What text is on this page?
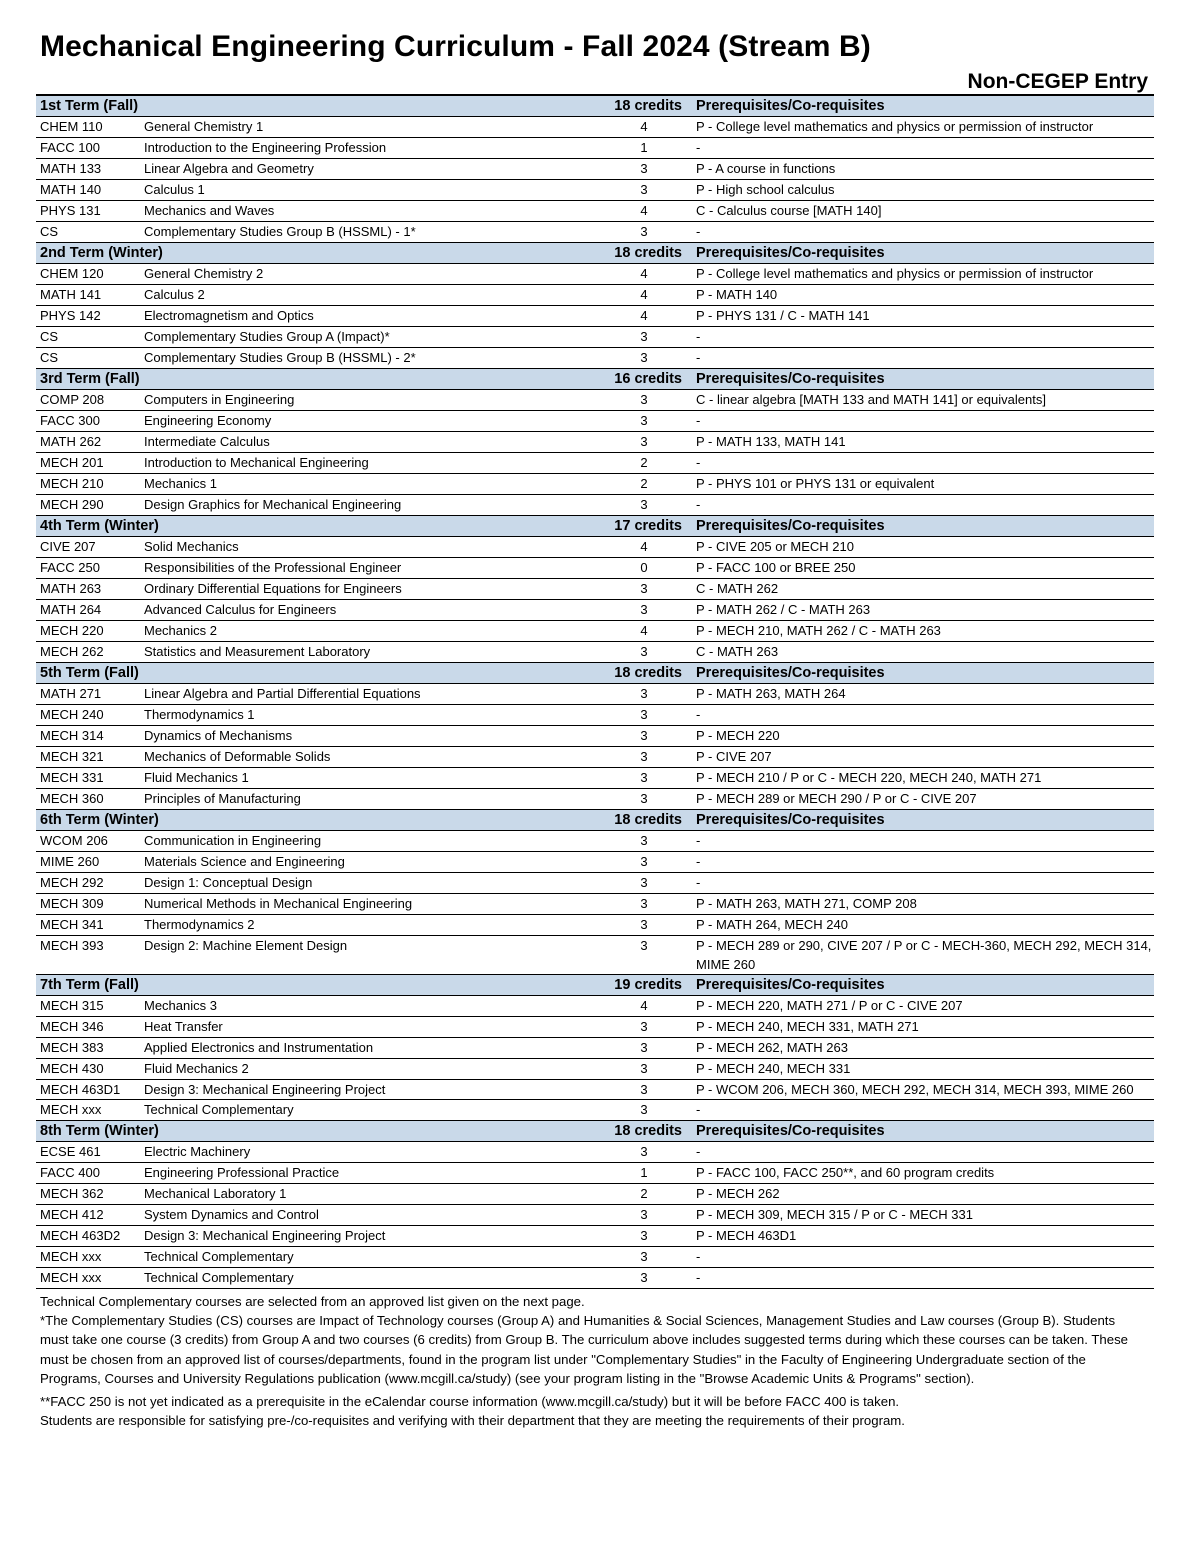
Mechanical Engineering Curriculum - Fall 2024 (Stream B)
Non-CEGEP Entry
1st Term (Fall)	18 credits Prerequisites/Co-requisites
CHEM 110	General Chemistry 1	4	P - College level mathematics and physics or permission of instructor
FACC 100	Introduction to the Engineering Profession	1	-
MATH 133	Linear Algebra and Geometry	3	P - A course in functions
MATH 140	Calculus 1	3	P - High school calculus
PHYS 131	Mechanics and Waves	4	C - Calculus course [MATH 140]
CS	Complementary Studies Group B (HSSML) - 1*	3	-
2nd Term (Winter)	18 credits Prerequisites/Co-requisites
CHEM 120	General Chemistry 2	4	P - College level mathematics and physics or permission of instructor
MATH 141	Calculus 2	4	P - MATH 140
PHYS 142	Electromagnetism and Optics	4	P - PHYS 131 / C - MATH 141
CS	Complementary Studies Group A (Impact)*	3	-
CS	Complementary Studies Group B (HSSML) - 2*	3	-
3rd Term (Fall)	16 credits Prerequisites/Co-requisites
COMP 208	Computers in Engineering	3	C - linear algebra [MATH 133 and MATH 141] or equivalents]
FACC 300	Engineering Economy	3	-
MATH 262	Intermediate Calculus	3	P - MATH 133, MATH 141
MECH 201	Introduction to Mechanical Engineering	2	-
MECH 210	Mechanics 1	2	P - PHYS 101 or PHYS 131 or equivalent
MECH 290	Design Graphics for Mechanical Engineering	3	-
4th Term (Winter)	17 credits Prerequisites/Co-requisites
CIVE 207	Solid Mechanics	4	P - CIVE 205 or MECH 210
FACC 250	Responsibilities of the Professional Engineer	0	P - FACC 100 or BREE 250
MATH 263	Ordinary Differential Equations for Engineers	3	C - MATH 262
MATH 264	Advanced Calculus for Engineers	3	P - MATH 262 / C - MATH 263
MECH 220	Mechanics 2	4	P - MECH 210, MATH 262 / C - MATH 263
MECH 262	Statistics and Measurement Laboratory	3	C - MATH 263
5th Term (Fall)	18 credits Prerequisites/Co-requisites
MATH 271	Linear Algebra and Partial Differential Equations	3	P - MATH 263, MATH 264
MECH 240	Thermodynamics 1	3	-
MECH 314	Dynamics of Mechanisms	3	P - MECH 220
MECH 321	Mechanics of Deformable Solids	3	P - CIVE 207
MECH 331	Fluid Mechanics 1	3	P - MECH 210 / P or C - MECH 220, MECH 240, MATH 271
MECH 360	Principles of Manufacturing	3	P - MECH 289 or MECH 290 / P or C - CIVE 207
6th Term (Winter)	18 credits Prerequisites/Co-requisites
WCOM 206	Communication in Engineering	3	-
MIME 260	Materials Science and Engineering	3	-
MECH 292	Design 1: Conceptual Design	3	-
MECH 309	Numerical Methods in Mechanical Engineering	3	P - MATH 263, MATH 271, COMP 208
MECH 341	Thermodynamics 2	3	P - MATH 264, MECH 240
MECH 393	Design 2: Machine Element Design	3	P - MECH 289 or 290, CIVE 207 / P or C - MECH-360, MECH 292, MECH 314, MIME 260
7th Term (Fall)	19 credits Prerequisites/Co-requisites
MECH 315	Mechanics 3	4	P - MECH 220, MATH 271 / P or C - CIVE 207
MECH 346	Heat Transfer	3	P - MECH 240, MECH 331, MATH 271
MECH 383	Applied Electronics and Instrumentation	3	P - MECH 262, MATH 263
MECH 430	Fluid Mechanics 2	3	P - MECH 240, MECH 331
MECH 463D1	Design 3: Mechanical Engineering Project	3	P - WCOM 206, MECH 360, MECH 292, MECH 314, MECH 393, MIME 260
MECH xxx	Technical Complementary	3	-
8th Term (Winter)	18 credits Prerequisites/Co-requisites
ECSE 461	Electric Machinery	3	-
FACC 400	Engineering Professional Practice	1	P - FACC 100, FACC 250**, and 60 program credits
MECH 362	Mechanical Laboratory 1	2	P - MECH 262
MECH 412	System Dynamics and Control	3	P - MECH 309, MECH 315 / P or C - MECH 331
MECH 463D2	Design 3: Mechanical Engineering Project	3	P - MECH 463D1
MECH xxx	Technical Complementary	3	-
MECH xxx	Technical Complementary	3	-

Technical Complementary courses are selected from an approved list given on the next page.

*The Complementary Studies (CS) courses are Impact of Technology courses (Group A) and Humanities & Social Sciences, Management Studies and Law courses (Group B). Students must take one course (3 credits) from Group A and two courses (6 credits) from Group B. The curriculum above includes suggested terms during which these courses can be taken. These must be chosen from an approved list of courses/departments, found in the program list under "Complementary Studies" in the Faculty of Engineering Undergraduate section of the Programs, Courses and University Regulations publication (www.mcgill.ca/study) (see your program listing in the "Browse Academic Units & Programs" section).

**FACC 250 is not yet indicated as a prerequisite in the eCalendar course information (www.mcgill.ca/study) but it will be before FACC 400 is taken.

Students are responsible for satisfying pre-/co-requisites and verifying with their department that they are meeting the requirements of their program.
